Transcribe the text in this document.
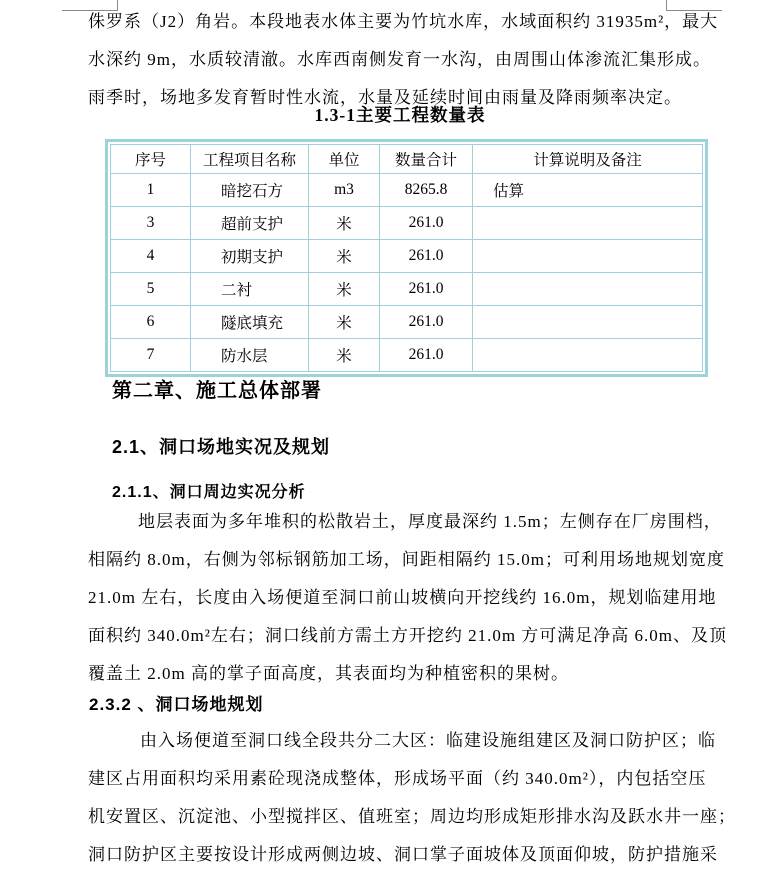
侏罗系（J2）角岩。本段地表水体主要为竹坑水库，水域面积约 31935m²，最大
水深约 9m，水质较清澈。水库西南侧发育一水沟，由周围山体渗流汇集形成。
雨季时，场地多发育暂时性水流，水量及延续时间由雨量及降雨频率决定。
1.3-1主要工程数量表
序号	工程项目名称	单位	数量合计	计算说明及备注
1	暗挖石方	m3	8265.8	估算
3	超前支护	米	261.0	
4	初期支护	米	261.0	
5	二衬	米	261.0	
6	隧底填充	米	261.0	
7	防水层	米	261.0	
第二章、施工总体部署
2.1、洞口场地实况及规划
2.1.1、洞口周边实况分析
地层表面为多年堆积的松散岩土，厚度最深约 1.5m；左侧存在厂房围档，
相隔约 8.0m，右侧为邻标钢筋加工场，间距相隔约 15.0m；可利用场地规划宽度
21.0m 左右，长度由入场便道至洞口前山坡横向开挖线约 16.0m，规划临建用地
面积约 340.0m²左右；洞口线前方需土方开挖约 21.0m 方可满足净高 6.0m、及顶
覆盖土 2.0m 高的掌子面高度，其表面均为种植密积的果树。
2.3.2 、洞口场地规划
由入场便道至洞口线全段共分二大区：临建设施组建区及洞口防护区；临
建区占用面积均采用素砼现浇成整体，形成场平面（约 340.0m²），内包括空压
机安置区、沉淀池、小型搅拌区、值班室；周边均形成矩形排水沟及跃水井一座；
洞口防护区主要按设计形成两侧边坡、洞口掌子面坡体及顶面仰坡，防护措施采
